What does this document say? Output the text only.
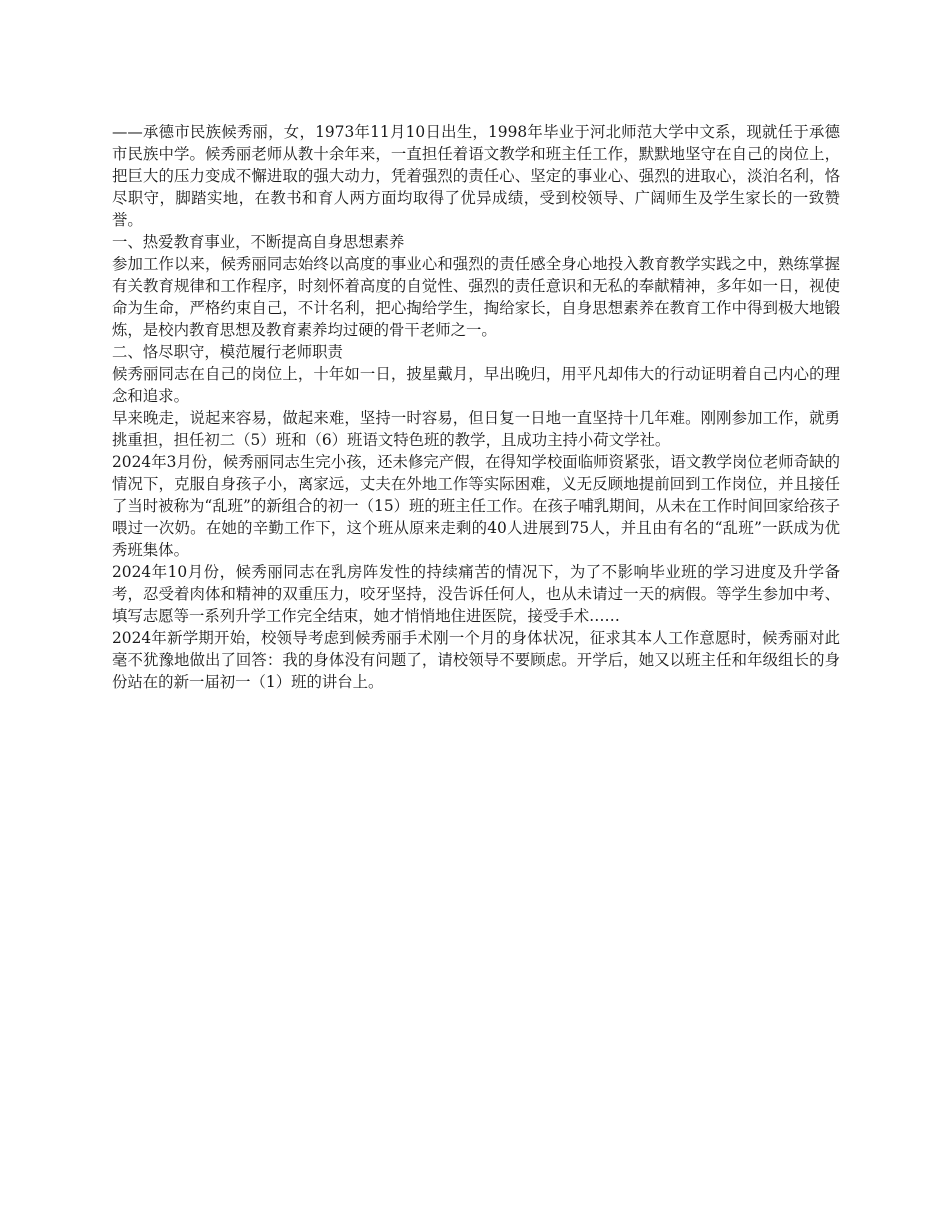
——承德市民族候秀丽，女，1973年11月10日出生，1998年毕业于河北师范大学中文系，现就任于承德市民族中学。候秀丽老师从教十余年来，一直担任着语文教学和班主任工作，默默地坚守在自己的岗位上，把巨大的压力变成不懈进取的强大动力，凭着强烈的责任心、坚定的事业心、强烈的进取心，淡泊名利，恪尽职守，脚踏实地，在教书和育人两方面均取得了优异成绩，受到校领导、广阔师生及学生家长的一致赞誉。

一、热爱教育事业，不断提高自身思想素养

参加工作以来，候秀丽同志始终以高度的事业心和强烈的责任感全身心地投入教育教学实践之中，熟练掌握有关教育规律和工作程序，时刻怀着高度的自觉性、强烈的责任意识和无私的奉献精神，多年如一日，视使命为生命，严格约束自己，不计名利，把心掏给学生，掏给家长，自身思想素养在教育工作中得到极大地锻炼，是校内教育思想及教育素养均过硬的骨干老师之一。

二、恪尽职守，模范履行老师职责

候秀丽同志在自己的岗位上，十年如一日，披星戴月，早出晚归，用平凡却伟大的行动证明着自己内心的理念和追求。

早来晚走，说起来容易，做起来难，坚持一时容易，但日复一日地一直坚持十几年难。刚刚参加工作，就勇挑重担，担任初二（5）班和（6）班语文特色班的教学，且成功主持小荷文学社。

2024年3月份，候秀丽同志生完小孩，还未修完产假，在得知学校面临师资紧张，语文教学岗位老师奇缺的情况下，克服自身孩子小，离家远，丈夫在外地工作等实际困难，义无反顾地提前回到工作岗位，并且接任了当时被称为“乱班”的新组合的初一（15）班的班主任工作。在孩子哺乳期间，从未在工作时间回家给孩子喂过一次奶。在她的辛勤工作下，这个班从原来走剩的40人进展到75人，并且由有名的“乱班”一跃成为优秀班集体。

2024年10月份，候秀丽同志在乳房阵发性的持续痛苦的情况下，为了不影响毕业班的学习进度及升学备考，忍受着肉体和精神的双重压力，咬牙坚持，没告诉任何人，也从未请过一天的病假。等学生参加中考、填写志愿等一系列升学工作完全结束，她才悄悄地住进医院，接受手术……

2024年新学期开始，校领导考虑到候秀丽手术刚一个月的身体状况，征求其本人工作意愿时，候秀丽对此毫不犹豫地做出了回答：我的身体没有问题了，请校领导不要顾虑。开学后，她又以班主任和年级组长的身份站在的新一届初一（1）班的讲台上。
